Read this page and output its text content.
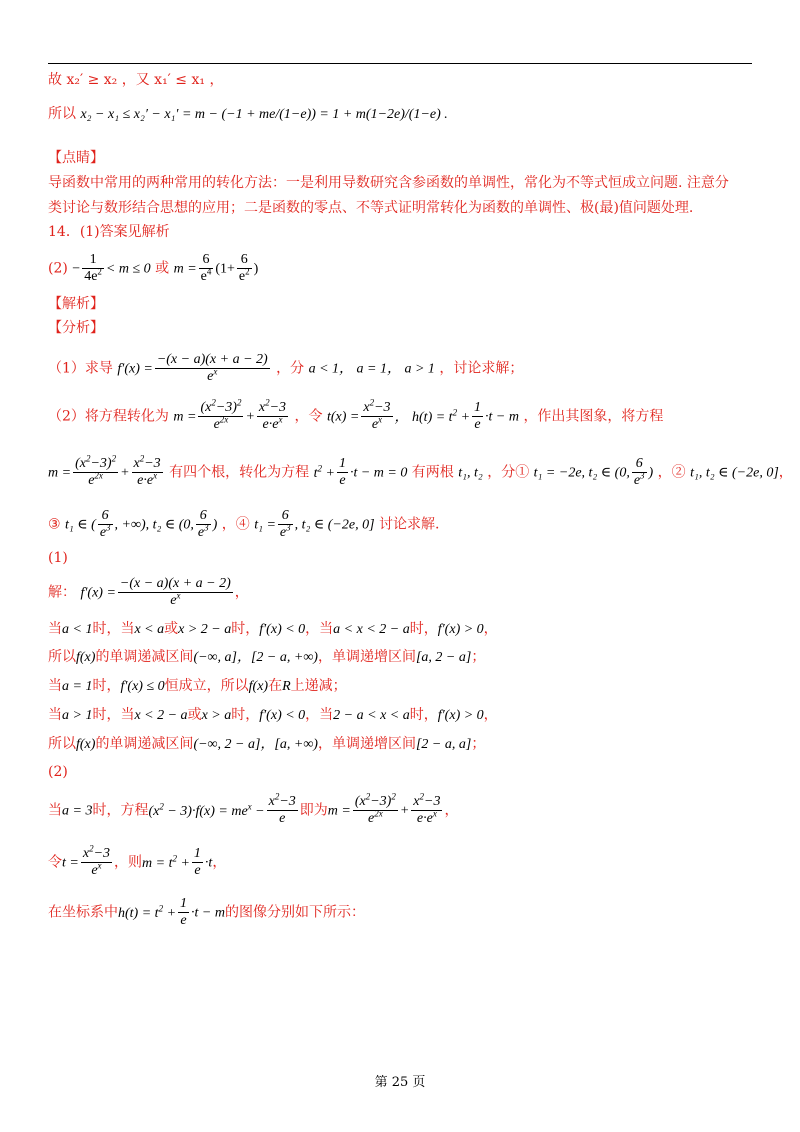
故 x₂′ ≥ x₂ ，又 x₁′ ≤ x₁ ，
所以 x₂ − x₁ ≤ x₂′ − x₁′ = m − (−1 + me/(1−e)) = 1 + m(1−2e)/(1−e) .
【点睛】
导函数中常用的两种常用的转化方法：一是利用导数研究含参函数的单调性，常化为不等式恒成立问题. 注意分
类讨论与数形结合思想的应用；二是函数的零点、不等式证明常转化为函数的单调性、极(最)值问题处理.
14．(1)答案见解析
$(2) - \frac{1}{4e^2} < m \le 0$ 或 $m = \frac{6}{e^4} (1+ \frac{6}{e^2}$ )
【解析】
【分析】
（1）求导 $f'(x) = \frac{-(x - a)(x + a - 2)}{e^x}$ ，分 a < 1， a = 1， a > 1 ，讨论求解；
（2）将方程转化为 $m = \frac{(x^2-3)^2}{e^{2x}} + \frac{x^2-3}{e\cdot e^x}$ ，令 $t(x) = \frac{x^2-3}{e^x}$ ， $h(t) = t^2 + \frac{1}{e} \cdot t - m$ ，作出其图象，将方程
$m = \frac{(x^2-3)^2}{e^{2x}} + \frac{x^2-3}{e\cdot e^x}$ 有四个根，转化为方程 $t^2 + \frac{1}{e} \cdot t - m = 0$ 有两根 t₁, t₂ ，分① t₁ = −2e, t₂ ∈ (0, $\frac{6}{e^3}$ ) ，② t₁, t₂ ∈ (−2e, 0]，
③ t₁ ∈ ( $\frac{6}{e^3}$ , +∞), t₂ ∈ (0, $\frac{6}{e^3}$ ) ，④ $t_1 = \frac{6}{e^3}$ , t₂ ∈ (−2e, 0] 讨论求解.
(1)
解： $f'(x) = \frac{-(x - a)(x + a - 2)}{e^x}$ ，
当a < 1时，当x < a或x > 2 − a时，f′(x) < 0，当a < x < 2 − a时，f′(x) > 0，
所以f(x)的单调递减区间(−∞, a]，[2 − a, +∞)，单调递增区间[a, 2 − a]；
当a = 1时，f′(x) ≤ 0恒成立，所以f(x)在R上递减；
当a > 1时，当x < 2 − a或x > a时，f′(x) < 0，当2 − a < x < a时，f′(x) > 0，
所以f(x)的单调递减区间(−∞, 2 − a]，[a, +∞)，单调递增区间[2 − a, a]；
(2)
当a = 3时，方程$(x^2 - 3)\cdot f(x) = me^x - \frac{x^2-3}{e}$ 即为$m = \frac{(x^2-3)^2}{e^{2x}} + \frac{x^2-3}{e\cdot e^x}$ ，
令$t = \frac{x^2-3}{e^x}$ ，则$m = t^2 + \frac{1}{e} \cdot t$，
在坐标系中$h(t) = t^2 + \frac{1}{e} \cdot t - m$的图像分别如下所示：
第 25 页
